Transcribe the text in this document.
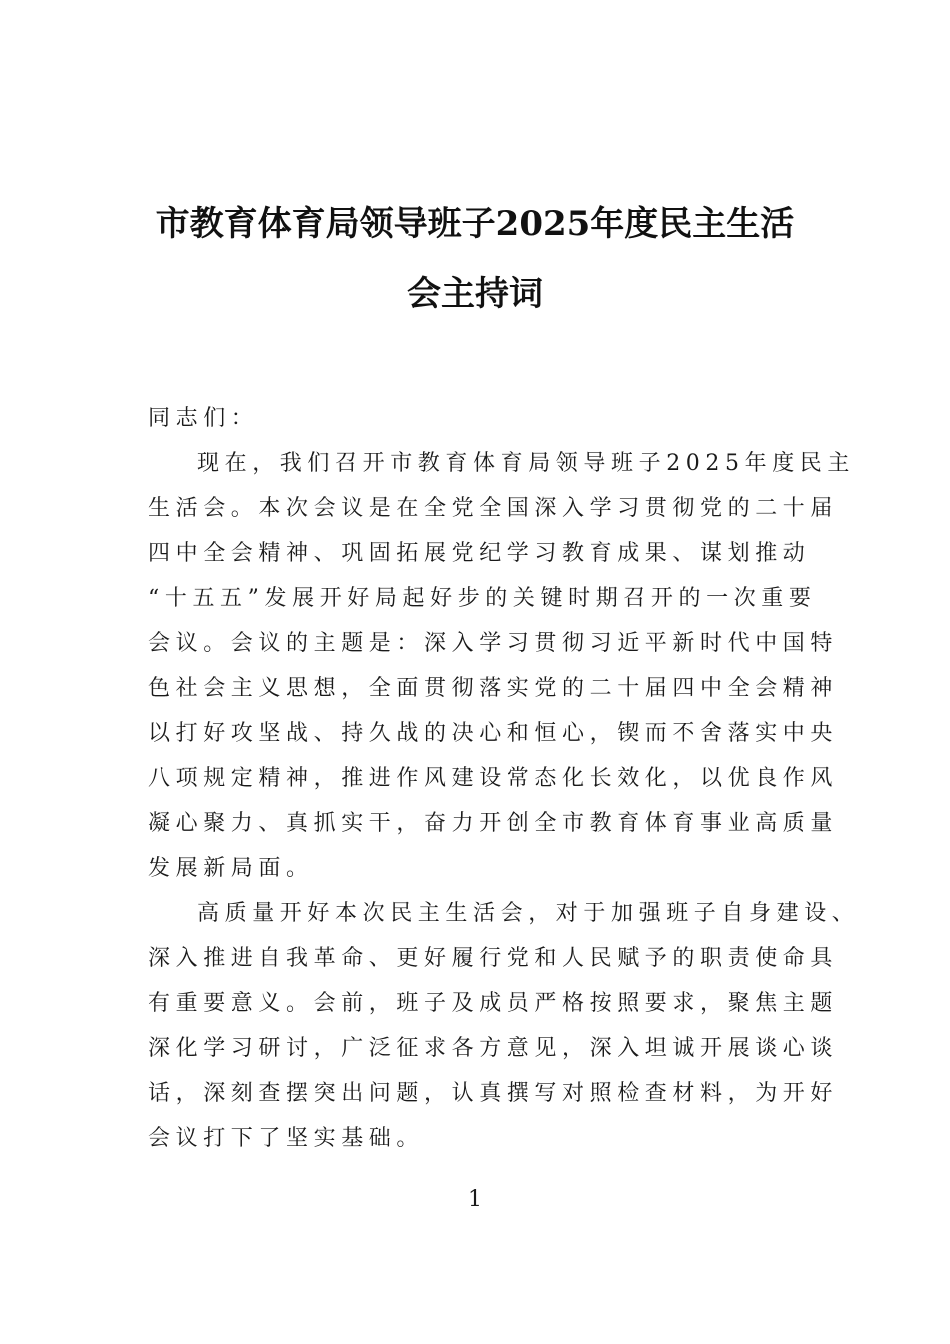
市教育体育局领导班子2025年度民主生活
会主持词
同志们：
现在，我们召开市教育体育局领导班子2025年度民主
生活会。本次会议是在全党全国深入学习贯彻党的二十届
四中全会精神、巩固拓展党纪学习教育成果、谋划推动
“十五五”发展开好局起好步的关键时期召开的一次重要
会议。会议的主题是：深入学习贯彻习近平新时代中国特
色社会主义思想，全面贯彻落实党的二十届四中全会精神
以打好攻坚战、持久战的决心和恒心，锲而不舍落实中央
八项规定精神，推进作风建设常态化长效化，以优良作风
凝心聚力、真抓实干，奋力开创全市教育体育事业高质量
发展新局面。
高质量开好本次民主生活会，对于加强班子自身建设、
深入推进自我革命、更好履行党和人民赋予的职责使命具
有重要意义。会前，班子及成员严格按照要求，聚焦主题
深化学习研讨，广泛征求各方意见，深入坦诚开展谈心谈
话，深刻查摆突出问题，认真撰写对照检查材料，为开好
会议打下了坚实基础。
1
